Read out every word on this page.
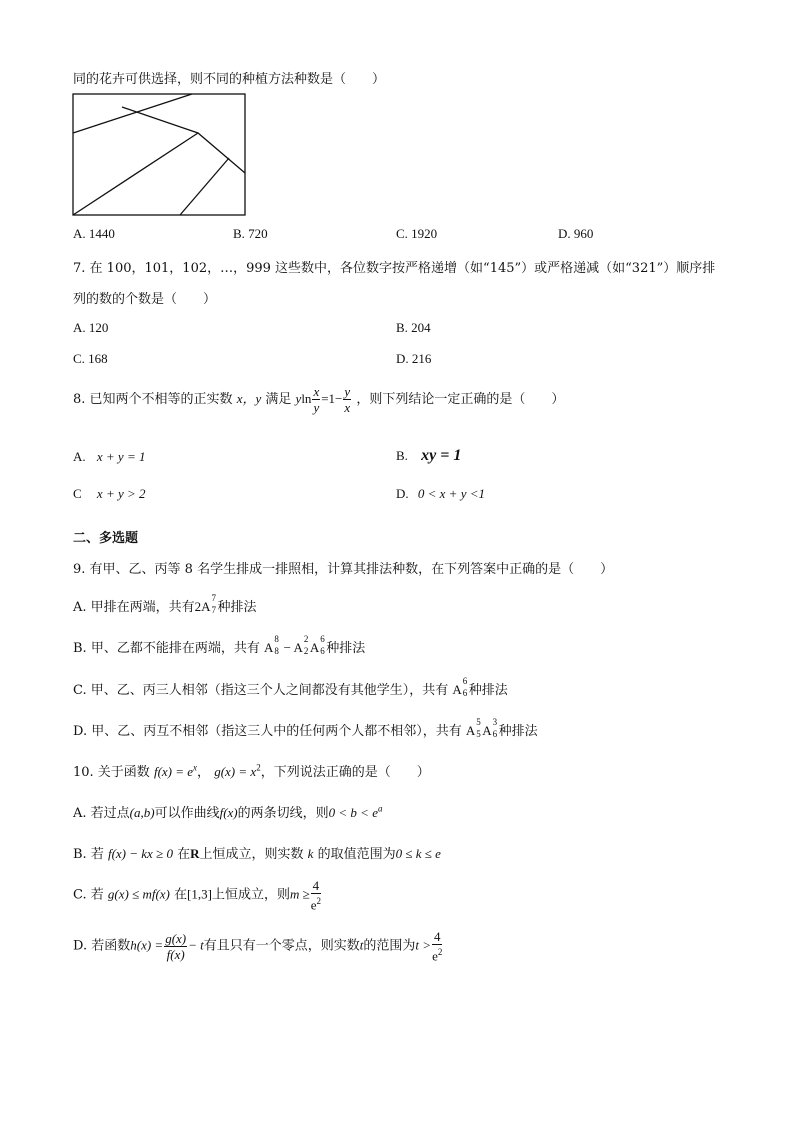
同的花卉可供选择，则不同的种植方法种数是（　　）
A. 1440	B. 720	C. 1920	D. 960
7. 在 100，101，102，…，999 这些数中，各位数字按严格递增（如“145”）或严格递减（如“321”）顺序排
列的数的个数是（　　）
A. 120	B. 204
C. 168	D. 216
8. 已知两个不相等的正实数 x，y 满足 yln $\frac{x}{y} =1- \frac{y}{x}$ ，则下列结论一定正确的是（　　）
A. x + y = 1	B. xy = 1
C x + y > 2	D. 0 < x + y <1
二、多选题
9. 有甲、乙、丙等 8 名学生排成一排照相，计算其排法种数，在下列答案中正确的是（　　）
A. 甲排在两端，共有2A
7
7 种排法
B. 甲、乙都不能排在两端，共有 A
8
8 − A
2
2 A
6
6 种排法
C. 甲、乙、丙三人相邻（指这三个人之间都没有其他学生），共有 A
6
6 种排法
D. 甲、乙、丙互不相邻（指这三人中的任何两个人都不相邻），共有 A
5
5 A
3
6 种排法
10. 关于函数 $f(x) = e^x$， $g(x) = x^2$，下列说法正确的是（　　）
A. 若过点(a,b)可以作曲线f(x)的两条切线，则$0 < b < e^a$
B. 若 f(x) − kx ≥ 0 在R上恒成立，则实数 k 的取值范围为0 ≤ k ≤ e
C. 若 g(x) ≤ mf(x) 在[1,3]上恒成立，则$m \ge \frac{4}{e^2}$
D. 若函数$h(x) = \frac{g(x)}{f(x)} - t$有且只有一个零点，则实数t的范围为$t > \frac{4}{e^2}$
